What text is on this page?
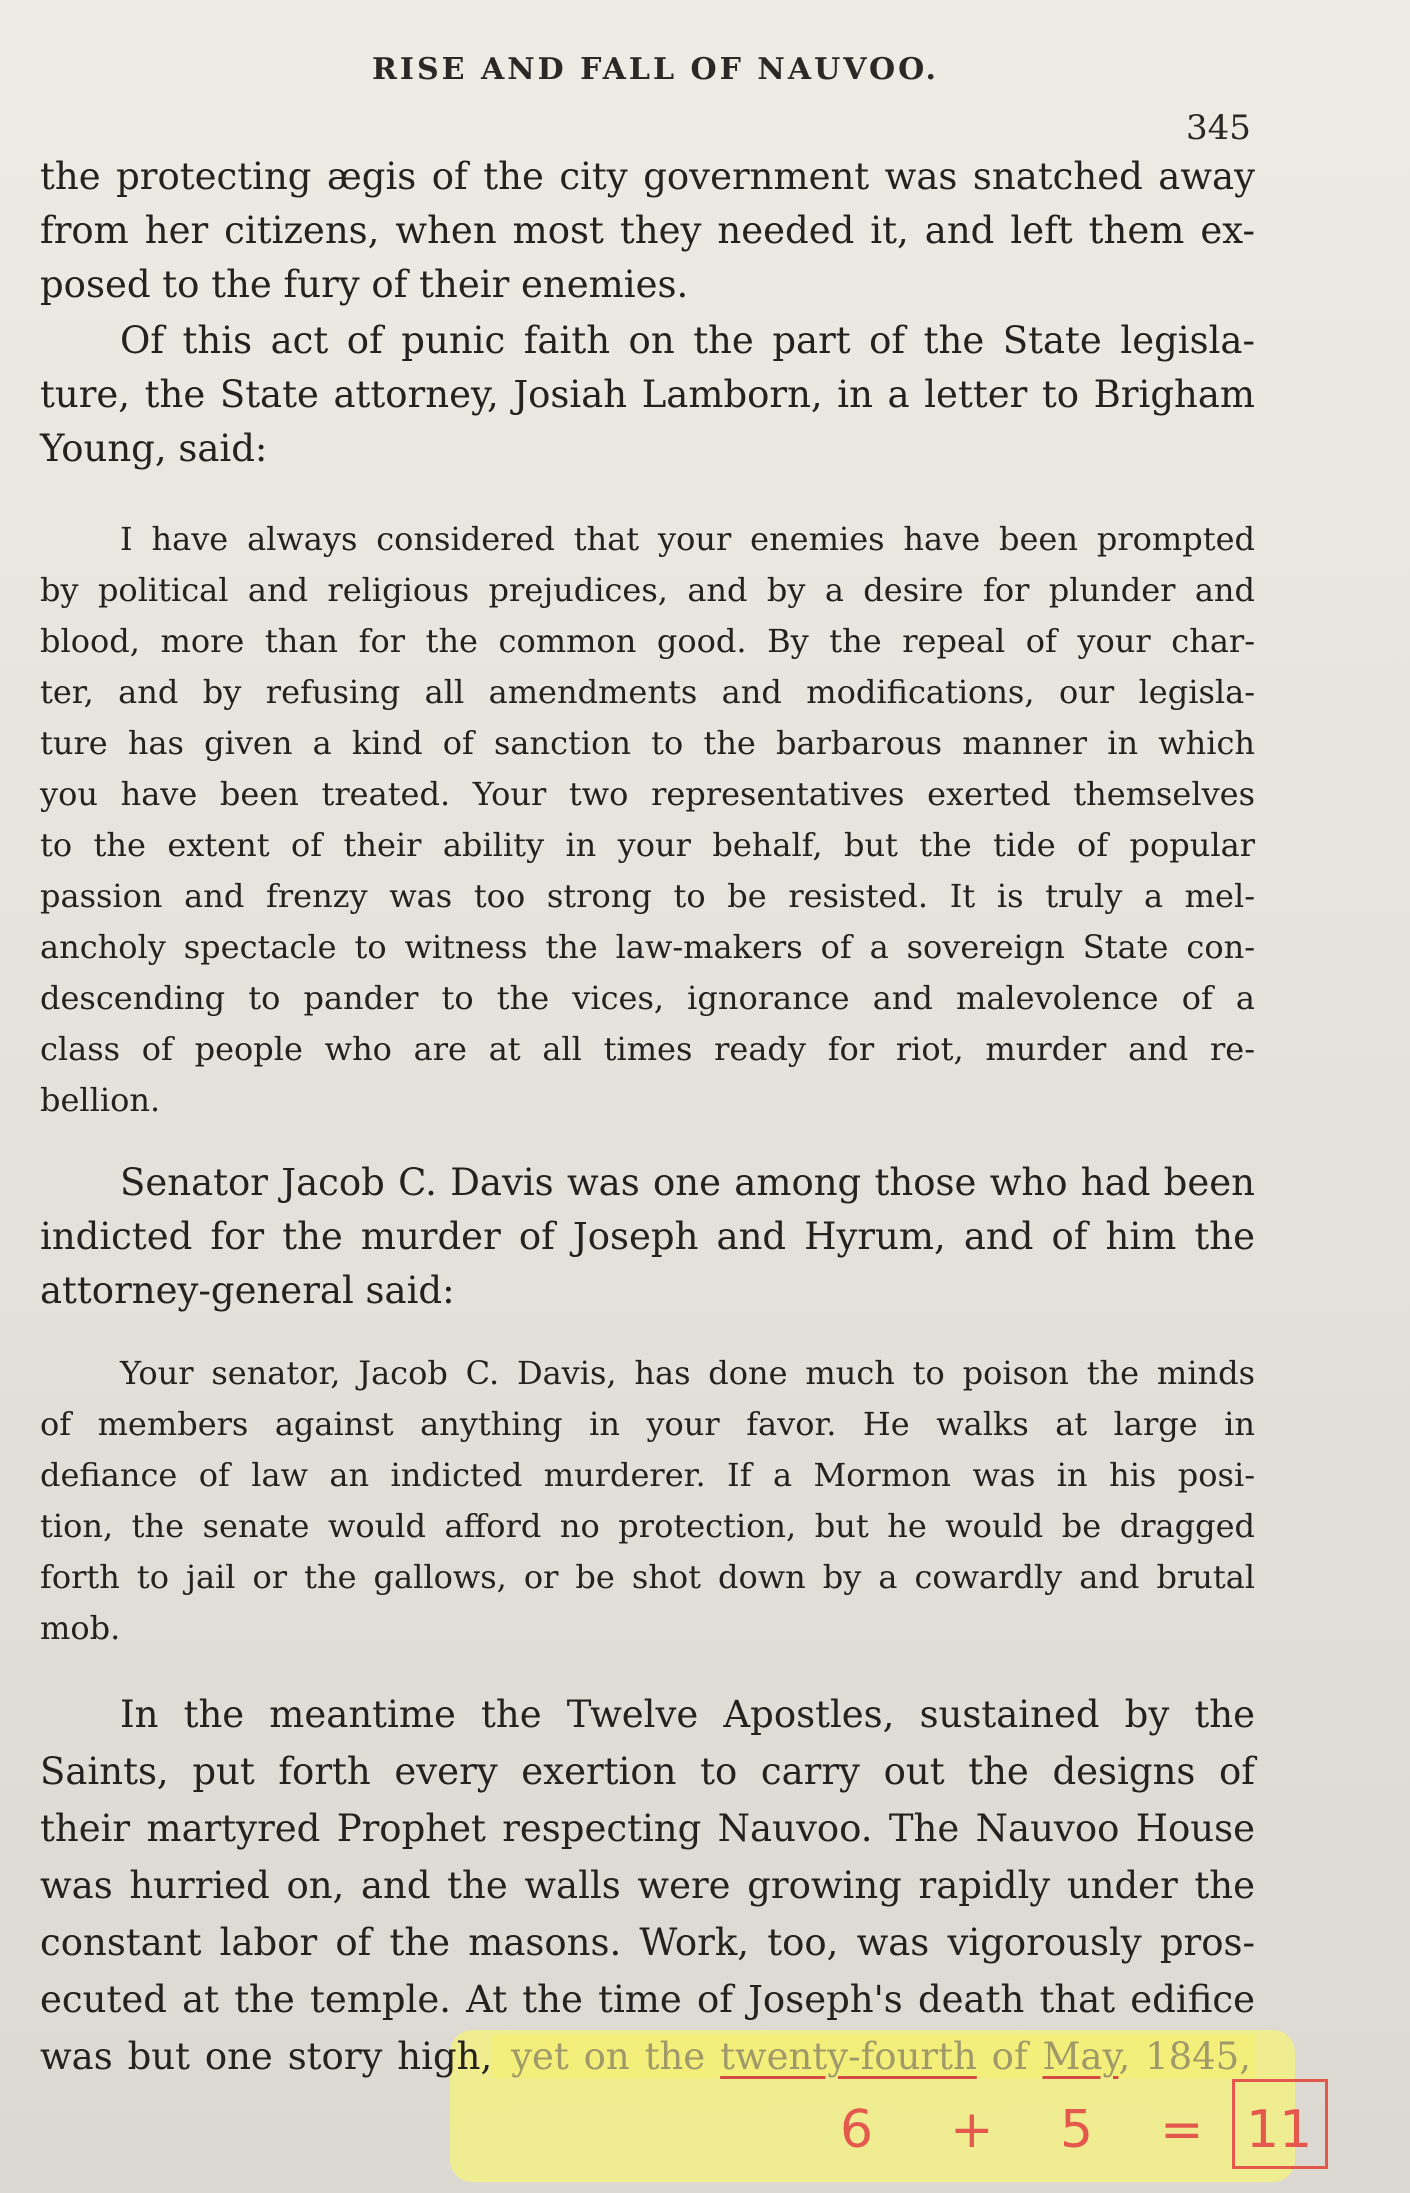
RISE AND FALL OF NAUVOO.
345
the protecting ægis of the city government was snatched away
from her citizens, when most they needed it, and left them ex-
posed to the fury of their enemies.
Of this act of punic faith on the part of the State legisla-
ture, the State attorney, Josiah Lamborn, in a letter to Brigham
Young, said:
I have always considered that your enemies have been prompted
by political and religious prejudices, and by a desire for plunder and
blood, more than for the common good. By the repeal of your char-
ter, and by refusing all amendments and modifications, our legisla-
ture has given a kind of sanction to the barbarous manner in which
you have been treated. Your two representatives exerted themselves
to the extent of their ability in your behalf, but the tide of popular
passion and frenzy was too strong to be resisted. It is truly a mel-
ancholy spectacle to witness the law-makers of a sovereign State con-
descending to pander to the vices, ignorance and malevolence of a
class of people who are at all times ready for riot, murder and re-
bellion.
Senator Jacob C. Davis was one among those who had been
indicted for the murder of Joseph and Hyrum, and of him the
attorney-general said:
Your senator, Jacob C. Davis, has done much to poison the minds
of members against anything in your favor. He walks at large in
defiance of law an indicted murderer. If a Mormon was in his posi-
tion, the senate would afford no protection, but he would be dragged
forth to jail or the gallows, or be shot down by a cowardly and brutal
mob.
In the meantime the Twelve Apostles, sustained by the
Saints, put forth every exertion to carry out the designs of
their martyred Prophet respecting Nauvoo. The Nauvoo House
was hurried on, and the walls were growing rapidly under the
constant labor of the masons. Work, too, was vigorously pros-
ecuted at the temple. At the time of Joseph's death that edifice
was but one story high, yet on the twenty-fourth of May, 1845,
6 + 5 = 11
